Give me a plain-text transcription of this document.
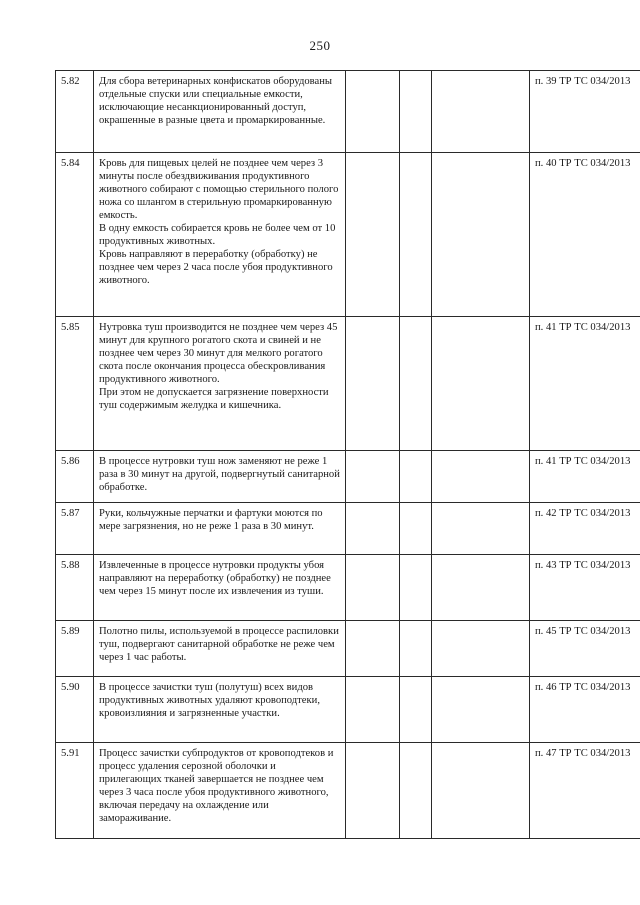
250
5.82	Для сбора ветеринарных конфискатов оборудованы отдельные спуски или специальные емкости, исключающие несанкционированный доступ, окрашенные в разные цвета и промаркированные.				п. 39 ТР ТС 034/2013
5.84	Кровь для пищевых целей не позднее чем через 3 минуты после обездвиживания продуктивного животного собирают с помощью стерильного полого ножа со шлангом в стерильную промаркированную емкость.
В одну емкость собирается кровь не более чем от 10 продуктивных животных.
Кровь направляют в переработку (обработку) не позднее чем через 2 часа после убоя продуктивного животного.				п. 40 ТР ТС 034/2013
5.85	Нутровка туш производится не позднее чем через 45 минут для крупного рогатого скота и свиней и не позднее чем через 30 минут для мелкого рогатого скота после окончания процесса обескровливания продуктивного животного.
При этом не допускается загрязнение поверхности туш содержимым желудка и кишечника.				п. 41 ТР ТС 034/2013
5.86	В процессе нутровки туш нож заменяют не реже 1 раза в 30 минут на другой, подвергнутый санитарной обработке.				п. 41 ТР ТС 034/2013
5.87	Руки, кольчужные перчатки и фартуки моются по мере загрязнения, но не реже 1 раза в 30 минут.				п. 42 ТР ТС 034/2013
5.88	Извлеченные в процессе нутровки продукты убоя направляют на переработку (обработку) не позднее чем через 15 минут после их извлечения из туши.				п. 43 ТР ТС 034/2013
5.89	Полотно пилы, используемой в процессе распиловки туш, подвергают санитарной обработке не реже чем через 1 час работы.				п. 45 ТР ТС 034/2013
5.90	В процессе зачистки туш (полутуш) всех видов продуктивных животных удаляют кровоподтеки, кровоизлияния и загрязненные участки.				п. 46 ТР ТС 034/2013
5.91	Процесс зачистки субпродуктов от кровоподтеков и процесс удаления серозной оболочки и прилегающих тканей завершается не позднее чем через 3 часа после убоя продуктивного животного, включая передачу на охлаждение или замораживание.				п. 47 ТР ТС 034/2013
